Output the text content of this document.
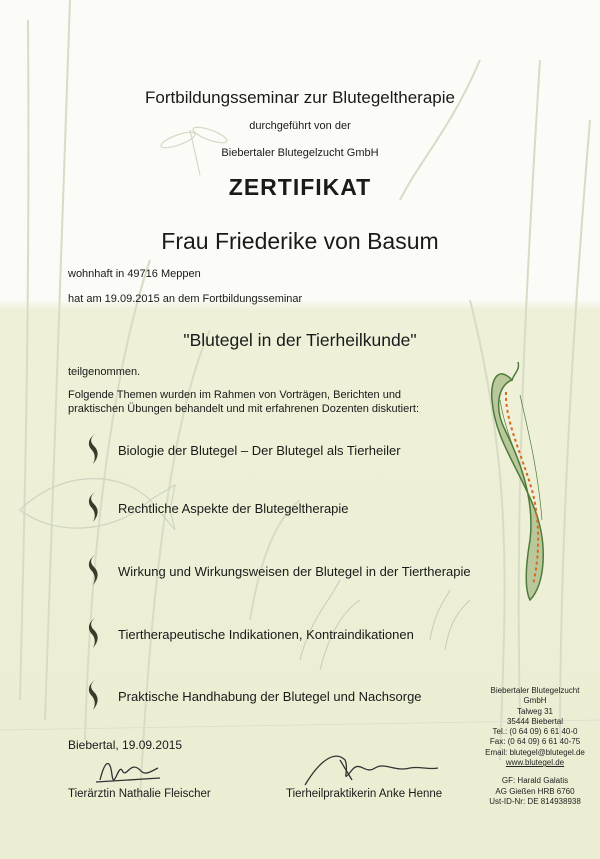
Fortbildungsseminar zur Blutegeltherapie
durchgeführt von der
Biebertaler Blutegelzucht GmbH
ZERTIFIKAT
Frau Friederike von Basum
wohnhaft in 49716 Meppen
hat am 19.09.2015 an dem Fortbildungsseminar
"Blutegel in der Tierheilkunde"
teilgenommen.
Folgende Themen wurden im Rahmen von Vorträgen, Berichten und
praktischen Übungen behandelt und mit erfahrenen Dozenten diskutiert:
Biologie der Blutegel – Der Blutegel als Tierheiler
Rechtliche Aspekte der Blutegeltherapie
Wirkung und Wirkungsweisen der Blutegel in der Tiertherapie
Tiertherapeutische Indikationen, Kontraindikationen
Praktische Handhabung der Blutegel und Nachsorge	Biebertaler Blutegelzucht
GmbH
Talweg 31
35444 Biebertal
Tel.: (0 64 09) 6 61 40-0
Fax: (0 64 09) 6 61 40-75
Email: blutegel@blutegel.de
www.blutegel.de
GF: Harald Galatis
AG Gießen HRB 6760
Ust-ID-Nr: DE 814938938
Biebertal, 19.09.2015
Tierärztin Nathalie Fleischer	Tierheilpraktikerin Anke Henne
